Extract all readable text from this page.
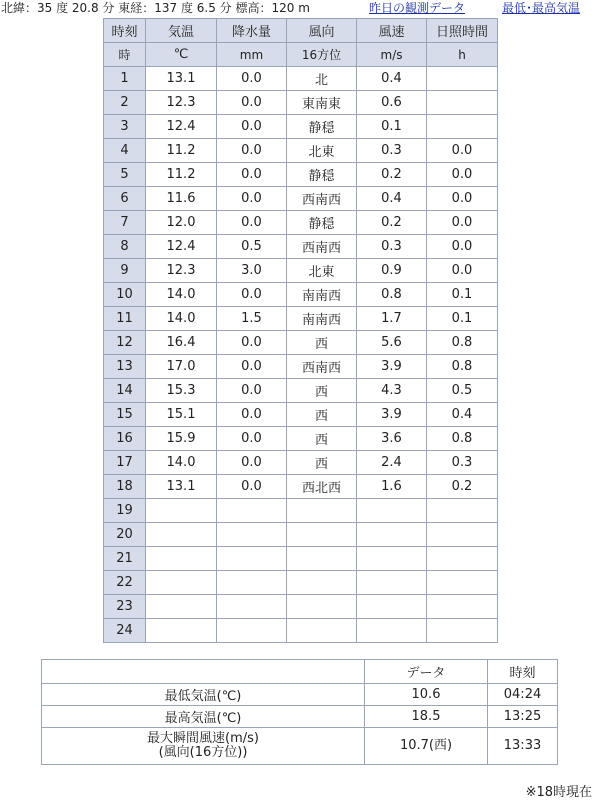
北緯：35 度 20.8 分 東経：137 度 6.5 分 標高：120 m	昨日の観測データ	最低･最高気温
時刻	気温	降水量	風向	風速	日照時間
時	℃	mm	16方位	m/s	h
1	13.1	0.0	北	0.4	
2	12.3	0.0	東南東	0.6	
3	12.4	0.0	静穏	0.1	
4	11.2	0.0	北東	0.3	0.0
5	11.2	0.0	静穏	0.2	0.0
6	11.6	0.0	西南西	0.4	0.0
7	12.0	0.0	静穏	0.2	0.0
8	12.4	0.5	西南西	0.3	0.0
9	12.3	3.0	北東	0.9	0.0
10	14.0	0.0	南南西	0.8	0.1
11	14.0	1.5	南南西	1.7	0.1
12	16.4	0.0	西	5.6	0.8
13	17.0	0.0	西南西	3.9	0.8
14	15.3	0.0	西	4.3	0.5
15	15.1	0.0	西	3.9	0.4
16	15.9	0.0	西	3.6	0.8
17	14.0	0.0	西	2.4	0.3
18	13.1	0.0	西北西	1.6	0.2
19					
20					
21					
22					
23					
24					
	データ	時刻
最低気温(℃)	10.6	04:24
最高気温(℃)	18.5	13:25
最大瞬間風速(m/s)
(風向(16方位))	10.7(西)	13:33
※18時現在
